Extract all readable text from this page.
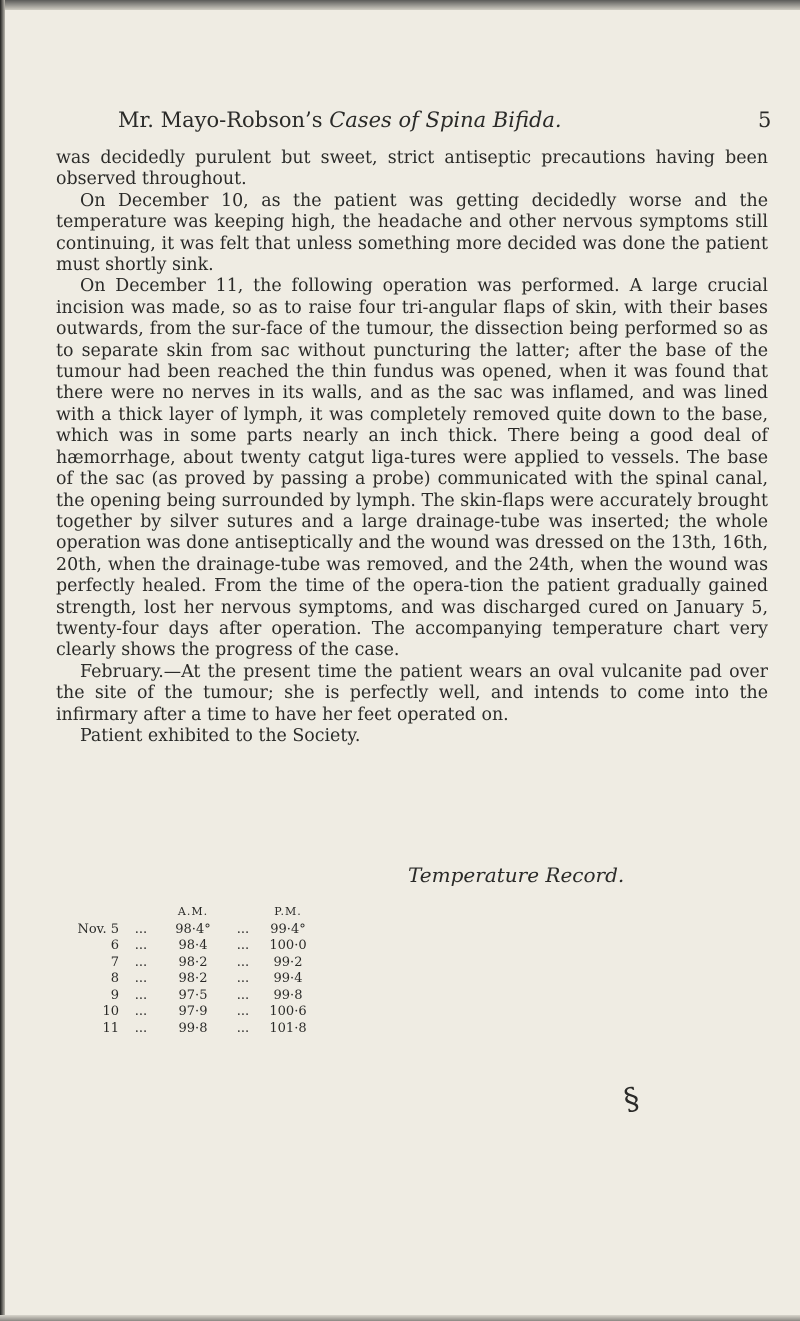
Mr. Mayo-Robson’s Cases of Spina Bifida.	5

was decidedly purulent but sweet, strict antiseptic precautions having been observed throughout.

On December 10, as the patient was getting decidedly worse and the temperature was keeping high, the headache and other nervous symptoms still continuing, it was felt that unless something more decided was done the patient must shortly sink.

On December 11, the following operation was performed. A large crucial incision was made, so as to raise four tri-angular flaps of skin, with their bases outwards, from the sur-face of the tumour, the dissection being performed so as to separate skin from sac without puncturing the latter; after the base of the tumour had been reached the thin fundus was opened, when it was found that there were no nerves in its walls, and as the sac was inflamed, and was lined with a thick layer of lymph, it was completely removed quite down to the base, which was in some parts nearly an inch thick. There being a good deal of hæmorrhage, about twenty catgut liga-tures were applied to vessels. The base of the sac (as proved by passing a probe) communicated with the spinal canal, the opening being surrounded by lymph. The skin-flaps were accurately brought together by silver sutures and a large drainage-tube was inserted; the whole operation was done antiseptically and the wound was dressed on the 13th, 16th, 20th, when the drainage-tube was removed, and the 24th, when the wound was perfectly healed. From the time of the opera-tion the patient gradually gained strength, lost her nervous symptoms, and was discharged cured on January 5, twenty-four days after operation. The accompanying temperature chart very clearly shows the progress of the case.

February.—At the present time the patient wears an oval vulcanite pad over the site of the tumour; she is perfectly well, and intends to come into the infirmary after a time to have her feet operated on.

Patient exhibited to the Society.

Temperature Record.
		A.M.		P.M.
Nov. 5	...	98·4°	...	99·4°
6	...	98·4	...	100·0
7	...	98·2	...	99·2
8	...	98·2	...	99·4
9	...	97·5	...	99·8
10	...	97·9	...	100·6
11	...	99·8	...	101·8
§
